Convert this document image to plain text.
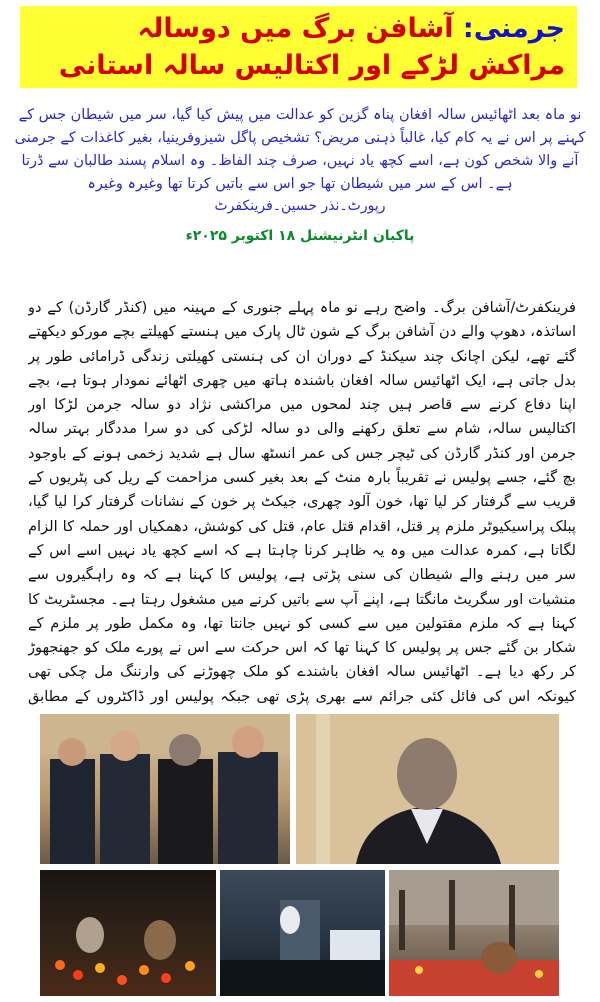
جرمنی: آشافن برگ میں دوسالہ مراکش لڑکے اور اکتالیس سالہ استانی
نو ماہ بعد اٹھائیس سالہ افغان پناہ گزین کو عدالت میں پیش کیا گیا، سر میں شیطان جس کے کہنے پر اس نے یہ کام کیا، غالباً ذہنی مریض؟ تشخیص پاگل شیزوفرینیا، بغیر کاغذات کے جرمنی آنے والا شخص کون ہے، اسے کچھ یاد نہیں، صرف چند الفاظ۔ وہ اسلام پسند طالبان سے ڈرتا ہے۔ اس کے سر میں شیطان تھا جو اس سے باتیں کرتا تھا وغیرہ وغیرہ
رپورٹ۔نذر حسین۔فرینکفرٹ
پاکبان انٹرنیشنل ۱۸ اکتوبر ۲۰۲۵ء
فرینکفرٹ/آشافن برگ۔ واضح رہے نو ماہ پہلے جنوری کے مہینہ میں (کنڈر گارڈن) کے دو اساتذہ، دھوپ والے دن آشافن برگ کے شون ٹال پارک میں ہنستے کھیلتے بچے مورکو دیکھتے گئے تھے، لیکن اچانک چند سیکنڈ کے دوران ان کی ہنستی کھیلتی زندگی ڈرامائی طور پر بدل جاتی ہے، ایک اٹھائیس سالہ افغان باشندہ ہاتھ میں چھری اٹھائے نمودار ہوتا ہے، بچے اپنا دفاع کرنے سے قاصر ہیں چند لمحوں میں مراکشی نژاد دو سالہ جرمن لڑکا اور اکتالیس سالہ، شام سے تعلق رکھنے والی دو سالہ لڑکی کی دو سرا مددگار بہتر سالہ جرمن اور کنڈر گارڈن کی ٹیچر جس کی عمر انسٹھ سال ہے شدید زخمی ہونے کے باوجود بچ گئے، جسے پولیس نے تقریباً بارہ منٹ کے بعد بغیر کسی مزاحمت کے ریل کی پٹریوں کے قریب سے گرفتار کر لیا تھا، خون آلود چھری، جیکٹ پر خون کے نشانات گرفتار کرا لیا گیا، پبلک پراسیکیوٹر ملزم پر قتل، اقدام قتل عام، قتل کی کوشش، دھمکیاں اور حملہ کا الزام لگاتا ہے، کمرہ عدالت میں وہ یہ ظاہر کرنا چاہتا ہے کہ اسے کچھ یاد نہیں اسے اس کے سر میں رہنے والے شیطان کی سنی پڑتی ہے، پولیس کا کہنا ہے کہ وہ راہگیروں سے منشیات اور سگریٹ مانگتا ہے، اپنے آپ سے باتیں کرنے میں مشغول رہتا ہے۔ مجسٹریٹ کا کہنا ہے کہ ملزم مقتولین میں سے کسی کو نہیں جانتا تھا، وہ مکمل طور پر ملزم کے شکار بن گئے جس پر پولیس کا کہنا تھا کہ اس حرکت سے اس نے پورے ملک کو جھنجھوڑ کر رکھ دیا ہے۔ اٹھائیس سالہ افغان باشندے کو ملک چھوڑنے کی وارننگ مل چکی تھی کیونکہ اس کی فائل کئی جرائم سے بھری پڑی تھی جبکہ پولیس اور ڈاکٹروں کے مطابق
